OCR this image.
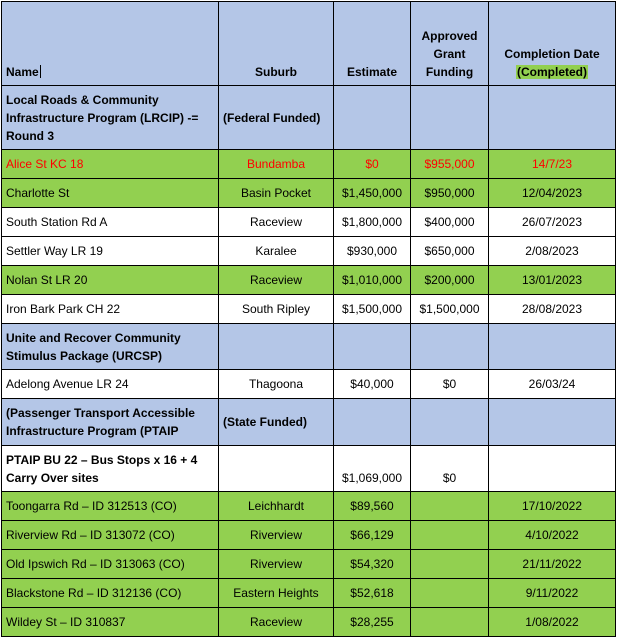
Name	Suburb	Estimate	Approved Grant Funding	Completion Date
(Completed)

Local Roads & Community Infrastructure Program (LRCIP) -= Round 3	(Federal Funded)			
Alice St KC 18	Bundamba	$0	$955,000	14/7/23
Charlotte St	Basin Pocket	$1,450,000	$950,000	12/04/2023
South Station Rd A	Raceview	$1,800,000	$400,000	26/07/2023
Settler Way LR 19	Karalee	$930,000	$650,000	2/08/2023
Nolan St LR 20	Raceview	$1,010,000	$200,000	13/01/2023
Iron Bark Park CH 22	South Ripley	$1,500,000	$1,500,000	28/08/2023
Unite and Recover Community Stimulus Package (URCSP)				
Adelong Avenue LR 24	Thagoona	$40,000	$0	26/03/24
(Passenger Transport Accessible Infrastructure Program (PTAIP	(State Funded)			
PTAIP BU 22 – Bus Stops x 16 + 4 Carry Over sites		$1,069,000	$0	
Toongarra Rd – ID 312513 (CO)	Leichhardt	$89,560		17/10/2022
Riverview Rd – ID 313072 (CO)	Riverview	$66,129		4/10/2022
Old Ipswich Rd – ID 313063 (CO)	Riverview	$54,320		21/11/2022
Blackstone Rd – ID 312136 (CO)	Eastern Heights	$52,618		9/11/2022
Wildey St – ID 310837	Raceview	$28,255		1/08/2022
